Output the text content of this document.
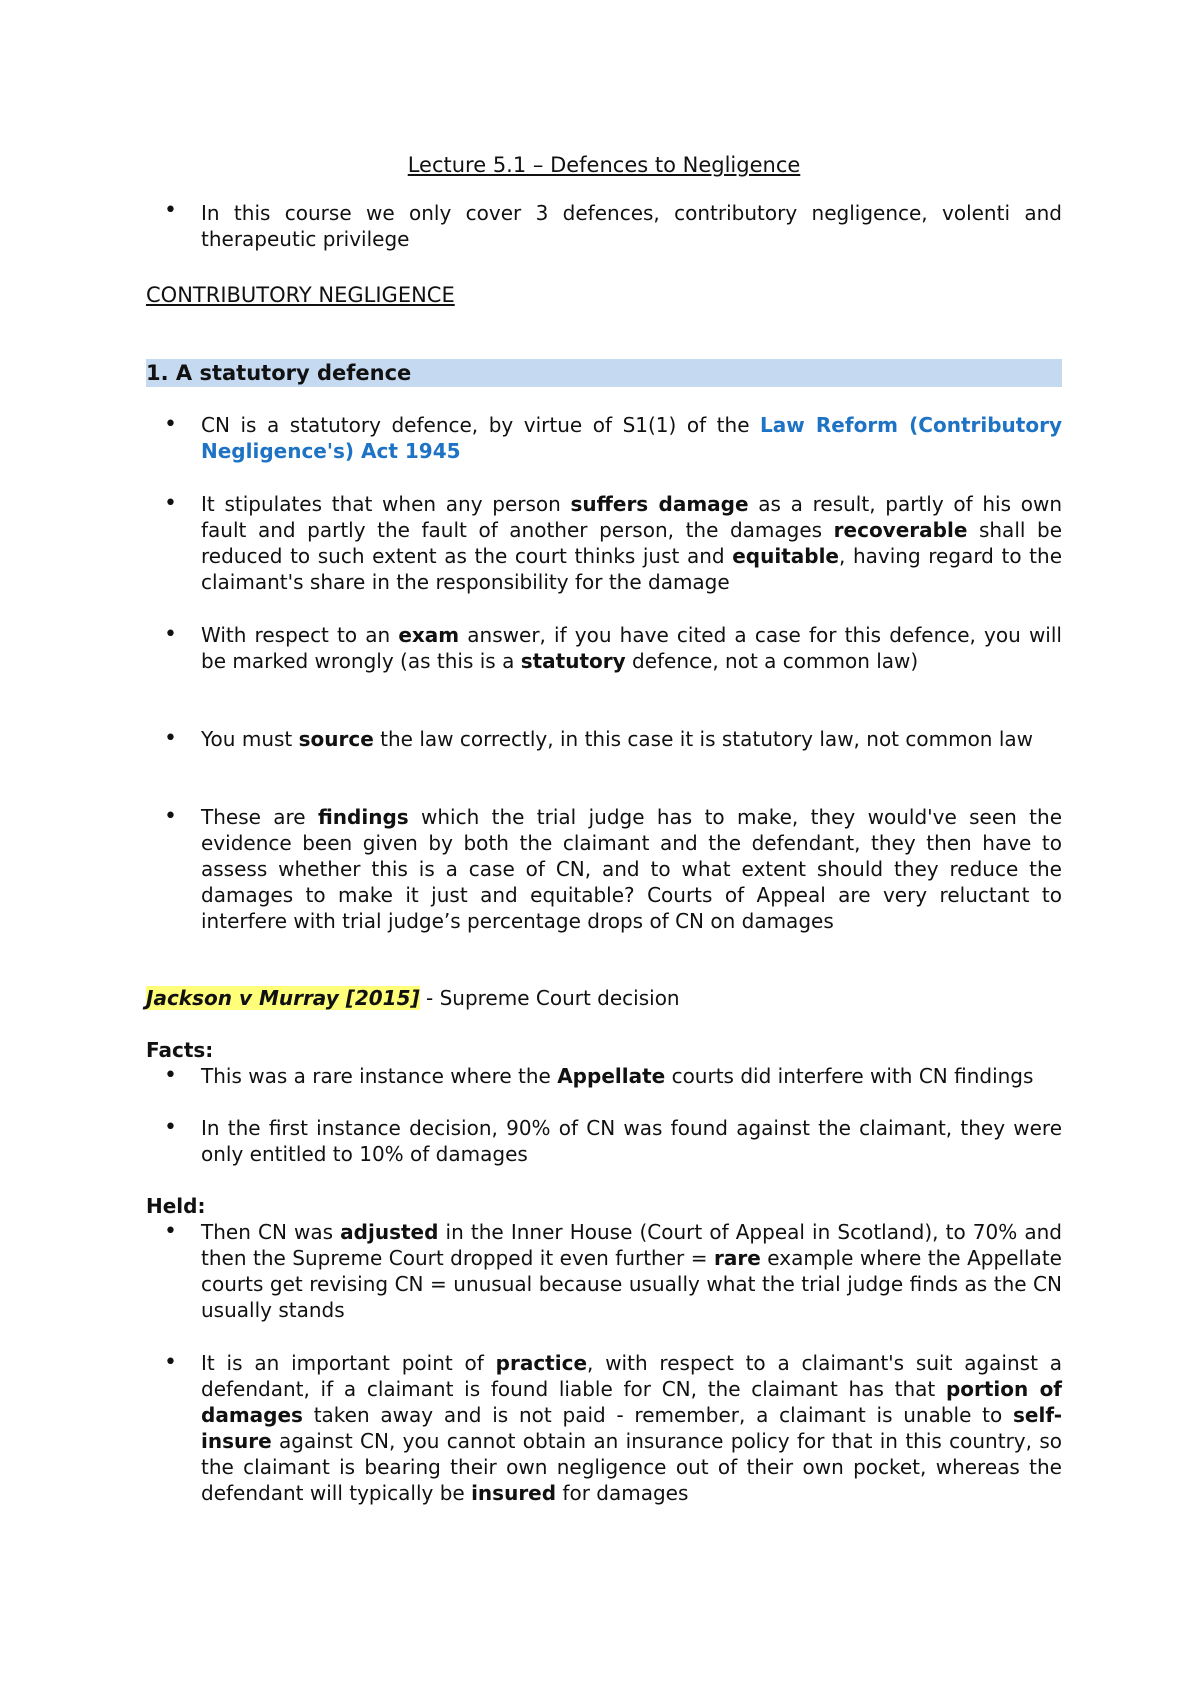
Lecture 5.1 – Defences to Negligence
• In this course we only cover 3 defences, contributory negligence, volenti and therapeutic privilege
CONTRIBUTORY NEGLIGENCE
1. A statutory defence
• CN is a statutory defence, by virtue of S1(1) of the Law Reform (Contributory Negligence's) Act 1945
• It stipulates that when any person suffers damage as a result, partly of his own fault and partly the fault of another person, the damages recoverable shall be reduced to such extent as the court thinks just and equitable, having regard to the claimant's share in the responsibility for the damage
• With respect to an exam answer, if you have cited a case for this defence, you will be marked wrongly (as this is a statutory defence, not a common law)
• You must source the law correctly, in this case it is statutory law, not common law
• These are findings which the trial judge has to make, they would've seen the evidence been given by both the claimant and the defendant, they then have to assess whether this is a case of CN, and to what extent should they reduce the damages to make it just and equitable? Courts of Appeal are very reluctant to interfere with trial judge’s percentage drops of CN on damages
Jackson v Murray [2015] - Supreme Court decision
Facts:
• This was a rare instance where the Appellate courts did interfere with CN findings
• In the first instance decision, 90% of CN was found against the claimant, they were only entitled to 10% of damages
Held:
• Then CN was adjusted in the Inner House (Court of Appeal in Scotland), to 70% and then the Supreme Court dropped it even further = rare example where the Appellate courts get revising CN = unusual because usually what the trial judge finds as the CN usually stands
• It is an important point of practice, with respect to a claimant's suit against a defendant, if a claimant is found liable for CN, the claimant has that portion of damages taken away and is not paid - remember, a claimant is unable to self-insure against CN, you cannot obtain an insurance policy for that in this country, so the claimant is bearing their own negligence out of their own pocket, whereas the defendant will typically be insured for damages
